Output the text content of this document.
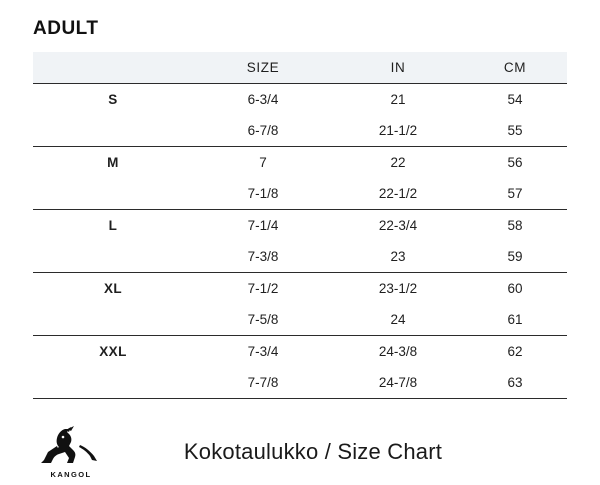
ADULT
	SIZE	IN	CM
S	6-3/4	21	54
	6-7/8	21-1/2	55
M	7	22	56
	7-1/8	22-1/2	57
L	7-1/4	22-3/4	58
	7-3/8	23	59
XL	7-1/2	23-1/2	60
	7-5/8	24	61
XXL	7-3/4	24-3/8	62
	7-7/8	24-7/8	63
KANGOL
Kokotaulukko / Size Chart
